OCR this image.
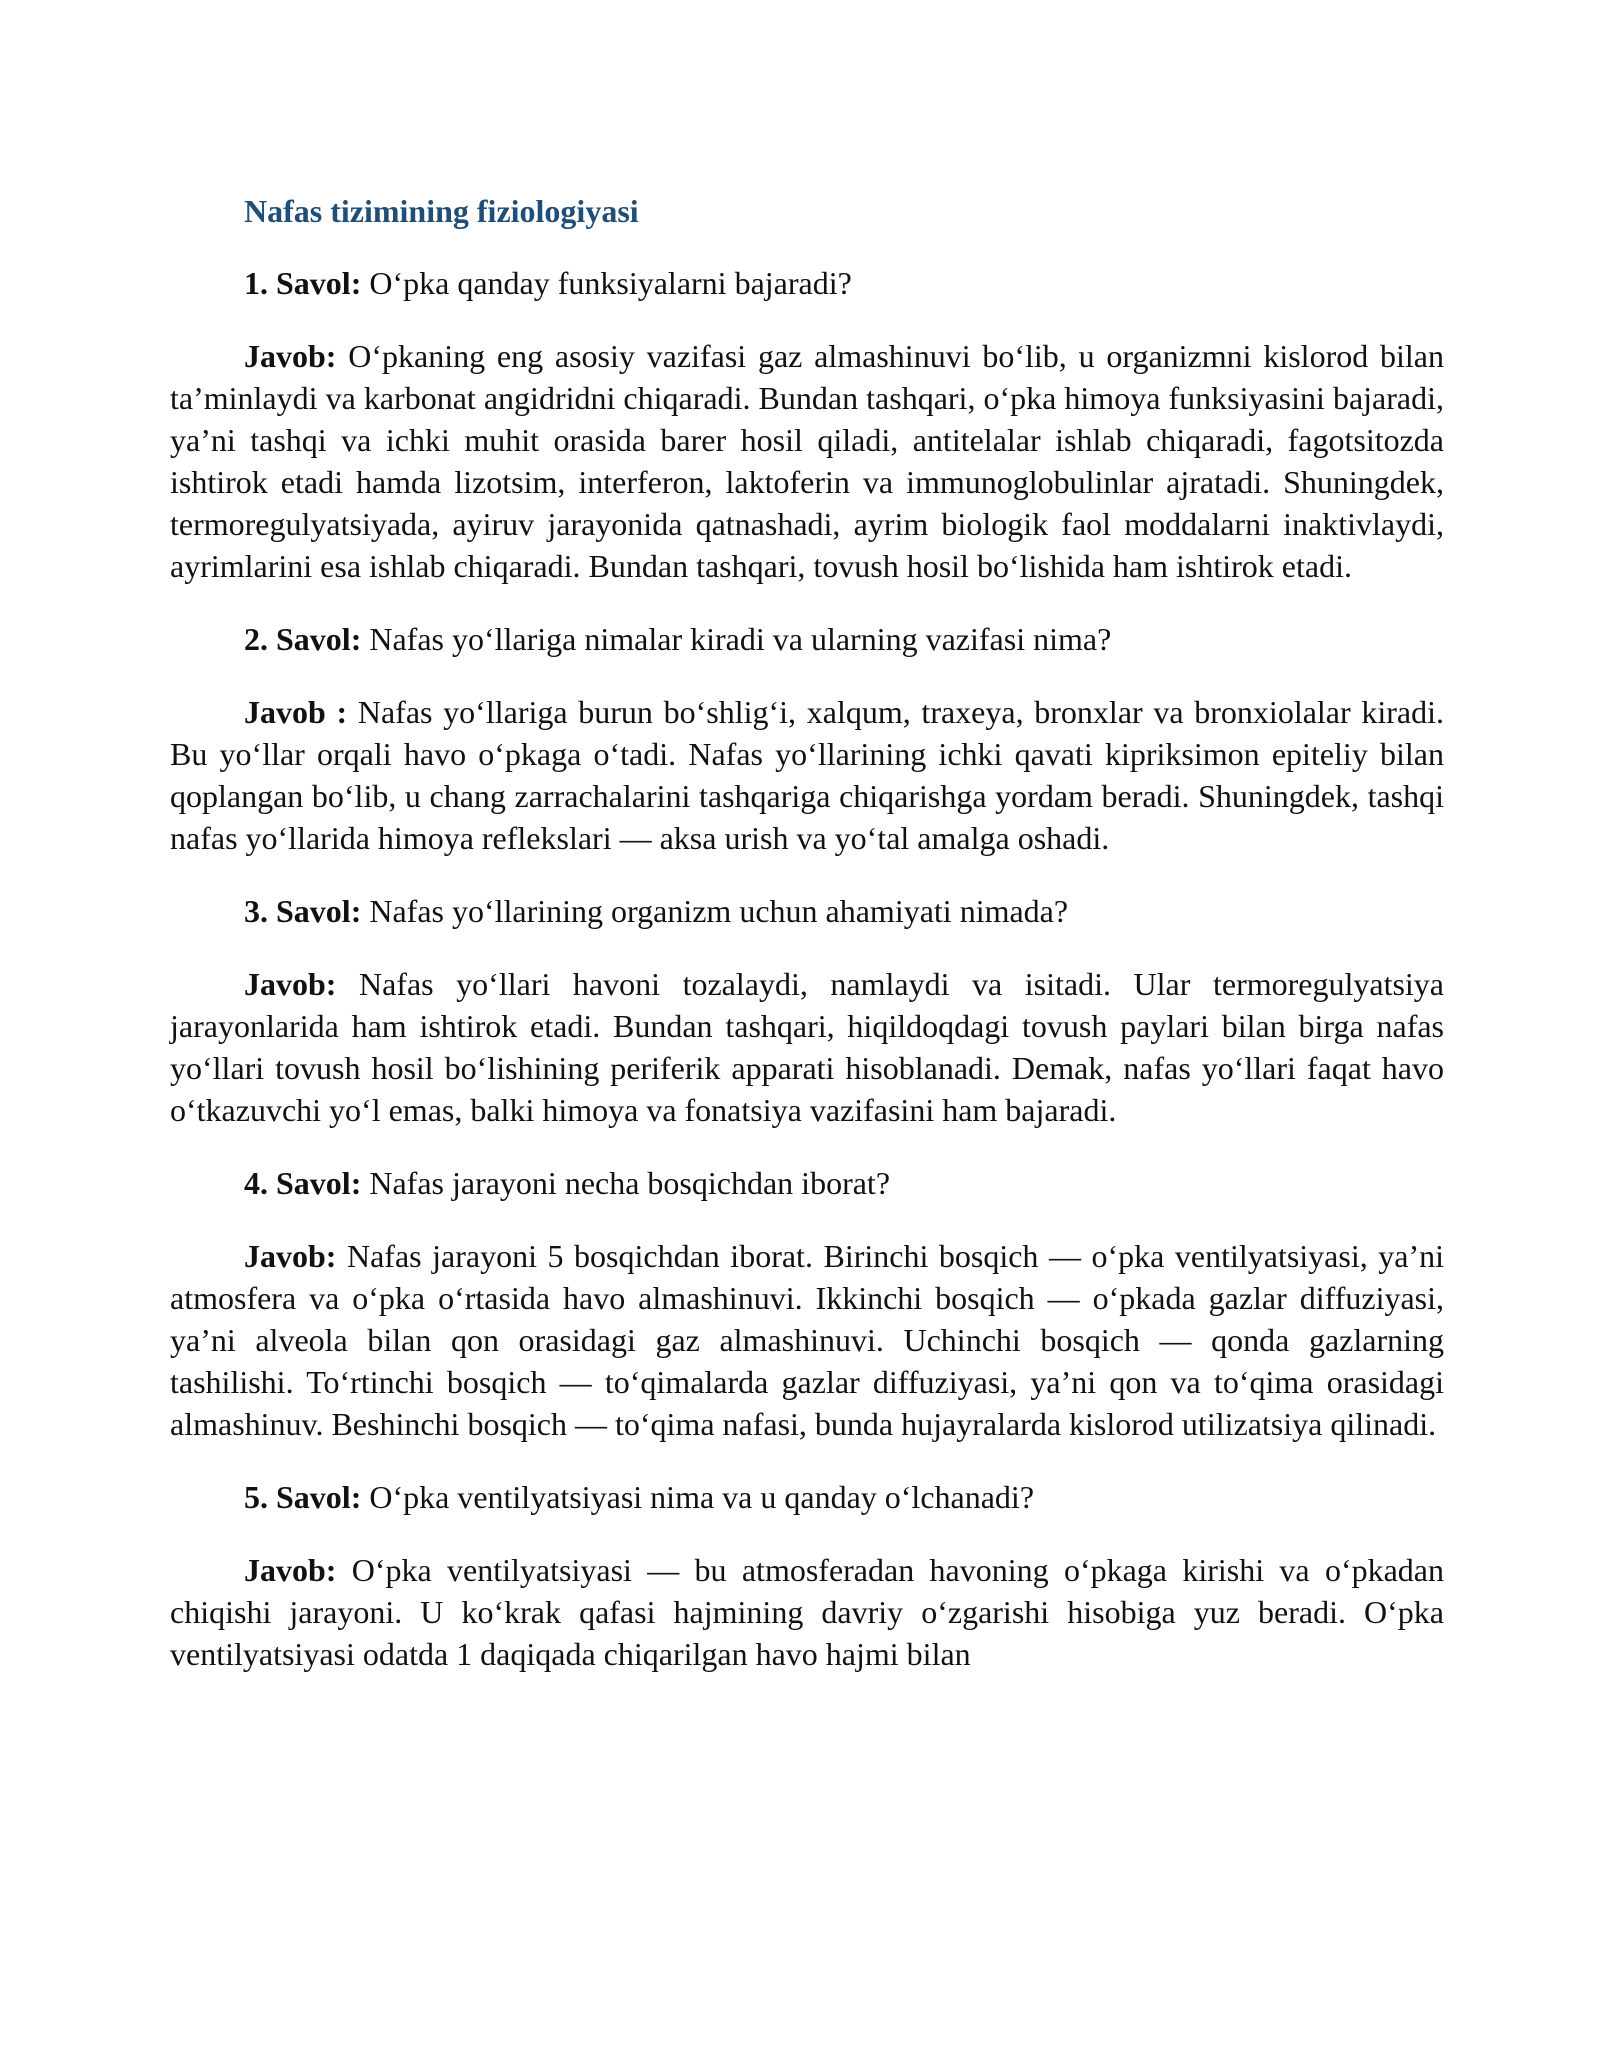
Nafas tizimining fiziologiyasi

1. Savol: O‘pka qanday funksiyalarni bajaradi?

Javob: O‘pkaning eng asosiy vazifasi gaz almashinuvi bo‘lib, u organizmni kislorod bilan ta’minlaydi va karbonat angidridni chiqaradi. Bundan tashqari, o‘pka himoya funksiyasini bajaradi, ya’ni tashqi va ichki muhit orasida barer hosil qiladi, antitelalar ishlab chiqaradi, fagotsitozda ishtirok etadi hamda lizotsim, interferon, laktoferin va immunoglobulinlar ajratadi. Shuningdek, termoregulyatsiyada, ayiruv jarayonida qatnashadi, ayrim biologik faol moddalarni inaktivlaydi, ayrimlarini esa ishlab chiqaradi. Bundan tashqari, tovush hosil bo‘lishida ham ishtirok etadi.

2. Savol: Nafas yo‘llariga nimalar kiradi va ularning vazifasi nima?

Javob : Nafas yo‘llariga burun bo‘shlig‘i, xalqum, traxeya, bronxlar va bronxiolalar kiradi. Bu yo‘llar orqali havo o‘pkaga o‘tadi. Nafas yo‘llarining ichki qavati kipriksimon epiteliy bilan qoplangan bo‘lib, u chang zarrachalarini tashqariga chiqarishga yordam beradi. Shuningdek, tashqi nafas yo‘llarida himoya reflekslari — aksa urish va yo‘tal amalga oshadi.

3. Savol: Nafas yo‘llarining organizm uchun ahamiyati nimada?

Javob: Nafas yo‘llari havoni tozalaydi, namlaydi va isitadi. Ular termoregulyatsiya jarayonlarida ham ishtirok etadi. Bundan tashqari, hiqildoqdagi tovush paylari bilan birga nafas yo‘llari tovush hosil bo‘lishining periferik apparati hisoblanadi. Demak, nafas yo‘llari faqat havo o‘tkazuvchi yo‘l emas, balki himoya va fonatsiya vazifasini ham bajaradi.

4. Savol: Nafas jarayoni necha bosqichdan iborat?

Javob: Nafas jarayoni 5 bosqichdan iborat. Birinchi bosqich — o‘pka ventilyatsiyasi, ya’ni atmosfera va o‘pka o‘rtasida havo almashinuvi. Ikkinchi bosqich — o‘pkada gazlar diffuziyasi, ya’ni alveola bilan qon orasidagi gaz almashinuvi. Uchinchi bosqich — qonda gazlarning tashilishi. To‘rtinchi bosqich — to‘qimalarda gazlar diffuziyasi, ya’ni qon va to‘qima orasidagi almashinuv. Beshinchi bosqich — to‘qima nafasi, bunda hujayralarda kislorod utilizatsiya qilinadi.

5. Savol: O‘pka ventilyatsiyasi nima va u qanday o‘lchanadi?

Javob: O‘pka ventilyatsiyasi — bu atmosferadan havoning o‘pkaga kirishi va o‘pkadan chiqishi jarayoni. U ko‘krak qafasi hajmining davriy o‘zgarishi hisobiga yuz beradi. O‘pka ventilyatsiyasi odatda 1 daqiqada chiqarilgan havo hajmi bilan
